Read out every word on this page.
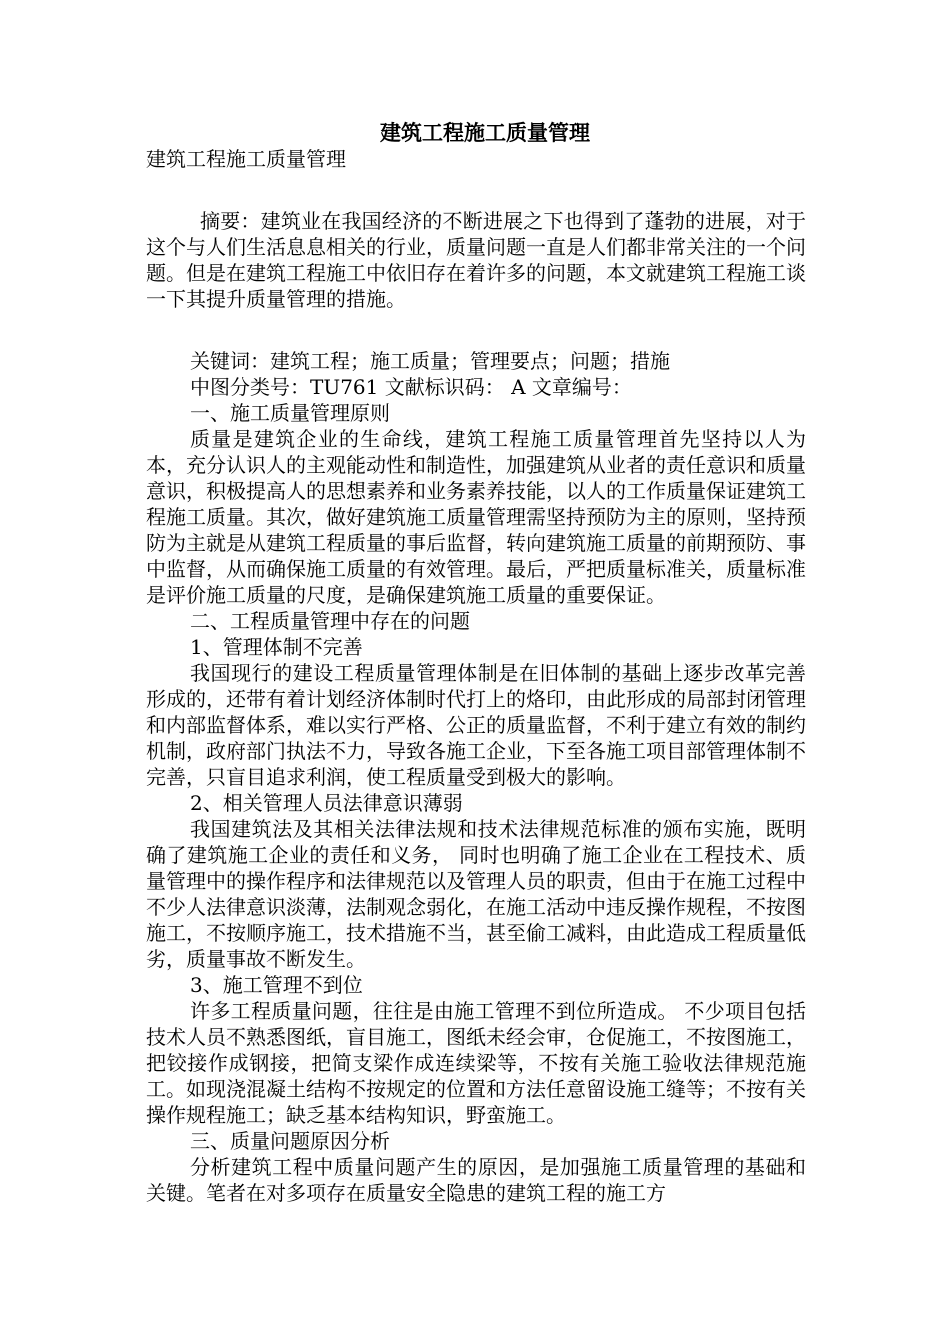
建筑工程施工质量管理

建筑工程施工质量管理

摘要：建筑业在我国经济的不断进展之下也得到了蓬勃的进展，对于这个与人们生活息息相关的行业，质量问题一直是人们都非常关注的一个问题。但是在建筑工程施工中依旧存在着许多的问题，本文就建筑工程施工谈一下其提升质量管理的措施。

关键词：建筑工程；施工质量；管理要点；问题；措施

中图分类号：TU761 文献标识码： A 文章编号：

一、施工质量管理原则

质量是建筑企业的生命线，建筑工程施工质量管理首先坚持以人为本，充分认识人的主观能动性和制造性，加强建筑从业者的责任意识和质量意识，积极提高人的思想素养和业务素养技能，以人的工作质量保证建筑工程施工质量。其次，做好建筑施工质量管理需坚持预防为主的原则，坚持预防为主就是从建筑工程质量的事后监督，转向建筑施工质量的前期预防、事中监督，从而确保施工质量的有效管理。最后，严把质量标准关，质量标准是评价施工质量的尺度，是确保建筑施工质量的重要保证。

二、工程质量管理中存在的问题

1、管理体制不完善

我国现行的建设工程质量管理体制是在旧体制的基础上逐步改革完善形成的，还带有着计划经济体制时代打上的烙印，由此形成的局部封闭管理和内部监督体系，难以实行严格、公正的质量监督，不利于建立有效的制约机制，政府部门执法不力，导致各施工企业，下至各施工项目部管理体制不完善，只盲目追求利润，使工程质量受到极大的影响。

2、相关管理人员法律意识薄弱

我国建筑法及其相关法律法规和技术法律规范标准的颁布实施，既明确了建筑施工企业的责任和义务， 同时也明确了施工企业在工程技术、质量管理中的操作程序和法律规范以及管理人员的职责，但由于在施工过程中不少人法律意识淡薄，法制观念弱化，在施工活动中违反操作规程，不按图施工，不按顺序施工，技术措施不当，甚至偷工减料，由此造成工程质量低劣，质量事故不断发生。

3、施工管理不到位

许多工程质量问题，往往是由施工管理不到位所造成。 不少项目包括技术人员不熟悉图纸，盲目施工，图纸未经会审，仓促施工，不按图施工，把铰接作成钢接，把简支梁作成连续梁等，不按有关施工验收法律规范施工。如现浇混凝土结构不按规定的位置和方法任意留设施工缝等；不按有关操作规程施工；缺乏基本结构知识，野蛮施工。

三、质量问题原因分析

分析建筑工程中质量问题产生的原因，是加强施工质量管理的基础和关键。笔者在对多项存在质量安全隐患的建筑工程的施工方
